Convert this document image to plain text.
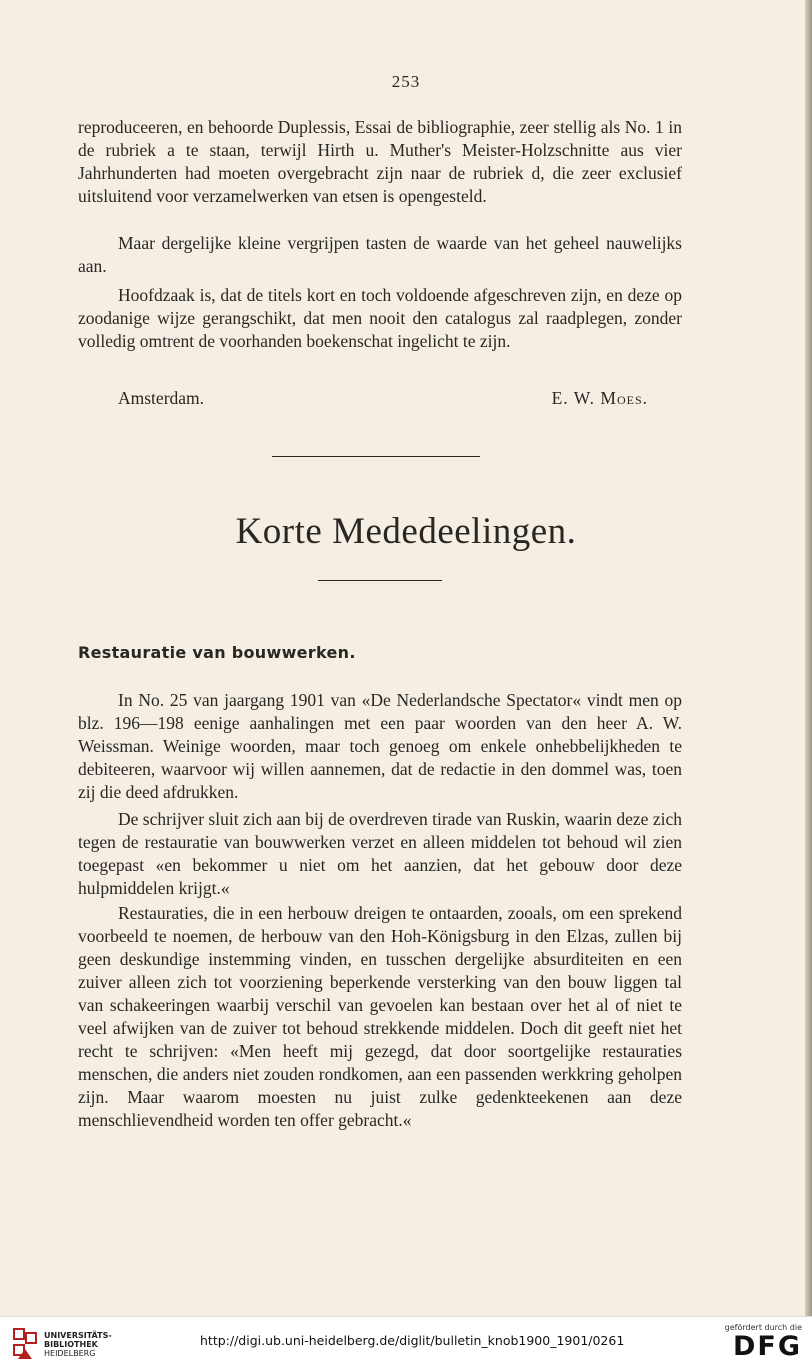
253

reproduceeren, en behoorde Duplessis, Essai de bibliographie, zeer stellig als No. 1 in de rubriek a te staan, terwijl Hirth u. Muther's Meister-Holzschnitte aus vier Jahrhunderten had moeten overgebracht zijn naar de rubriek d, die zeer exclusief uitsluitend voor verzamelwerken van etsen is opengesteld.

Maar dergelijke kleine vergrijpen tasten de waarde van het geheel nauwelijks aan.

Hoofdzaak is, dat de titels kort en toch voldoende afgeschreven zijn, en deze op zoodanige wijze gerangschikt, dat men nooit den catalogus zal raadplegen, zonder volledig omtrent de voorhanden boekenschat ingelicht te zijn.

Amsterdam.	E. W. Moes.
Korte Mededeelingen.
Restauratie van bouwwerken.

In No. 25 van jaargang 1901 van «De Nederlandsche Spectator« vindt men op blz. 196—198 eenige aanhalingen met een paar woorden van den heer A. W. Weissman. Weinige woorden, maar toch genoeg om enkele onhebbelijkheden te debiteeren, waarvoor wij willen aannemen, dat de redactie in den dommel was, toen zij die deed afdrukken.

De schrijver sluit zich aan bij de overdreven tirade van Ruskin, waarin deze zich tegen de restauratie van bouwwerken verzet en alleen middelen tot behoud wil zien toegepast «en bekommer u niet om het aanzien, dat het gebouw door deze hulpmiddelen krijgt.«

Restauraties, die in een herbouw dreigen te ontaarden, zooals, om een sprekend voorbeeld te noemen, de herbouw van den Hoh-Königsburg in den Elzas, zullen bij geen deskundige instemming vinden, en tusschen dergelijke absurditeiten en een zuiver alleen zich tot voorziening beperkende versterking van den bouw liggen tal van schakeeringen waarbij verschil van gevoelen kan bestaan over het al of niet te veel afwijken van de zuiver tot behoud strekkende middelen. Doch dit geeft niet het recht te schrijven: «Men heeft mij gezegd, dat door soortgelijke restauraties menschen, die anders niet zouden rondkomen, aan een passenden werkkring geholpen zijn. Maar waarom moesten nu juist zulke gedenkteekenen aan deze menschlievendheid worden ten offer gebracht.«

UNIVERSITÄTS-
BIBLIOTHEK
HEIDELBERG
http://digi.ub.uni-heidelberg.de/diglit/bulletin_knob1900_1901/0261
gefördert durch die
DFG
